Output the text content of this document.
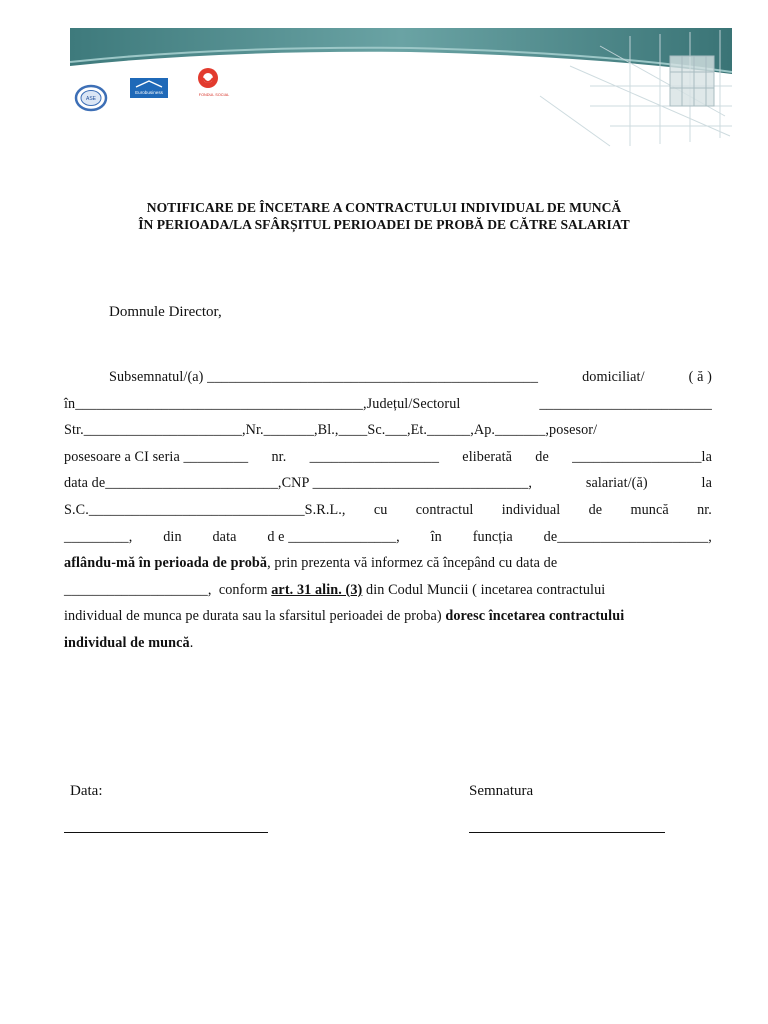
ASE
Eurobusiness	FONDUL SOCIAL
NOTIFICARE DE ÎNCETARE A CONTRACTULUI INDIVIDUAL DE MUNCĂ
ÎN PERIOADA/LA SFÂRȘITUL PERIOADEI DE PROBĂ DE CĂTRE SALARIAT
Domnule Director,
Subsemnatul/(a) ______________________________________________	domiciliat/	( ă )
în________________________________________,Județul/Sectorul	________________________
Str.______________________,Nr._______,Bl.,____Sc.___,Et.______,Ap._______,posesor/
posesoare a CI seria _________ nr. __________________ eliberată de __________________la
data de________________________,CNP ______________________________,	salariat/(ă)	la
S.C.______________________________S.R.L., cu contractul individual de muncă nr.
_________, din data d e _______________, în funcția de_____________________,
aflându-mă în perioada de probă , prin prezenta vă informez că începând cu data de
____________________,  conform art. 31 alin. (3) din Codul Muncii ( incetarea contractului
individual de munca pe durata sau la sfarsitul perioadei de proba) doresc încetarea contractului
individual de muncă .
Data:	Semnatura
